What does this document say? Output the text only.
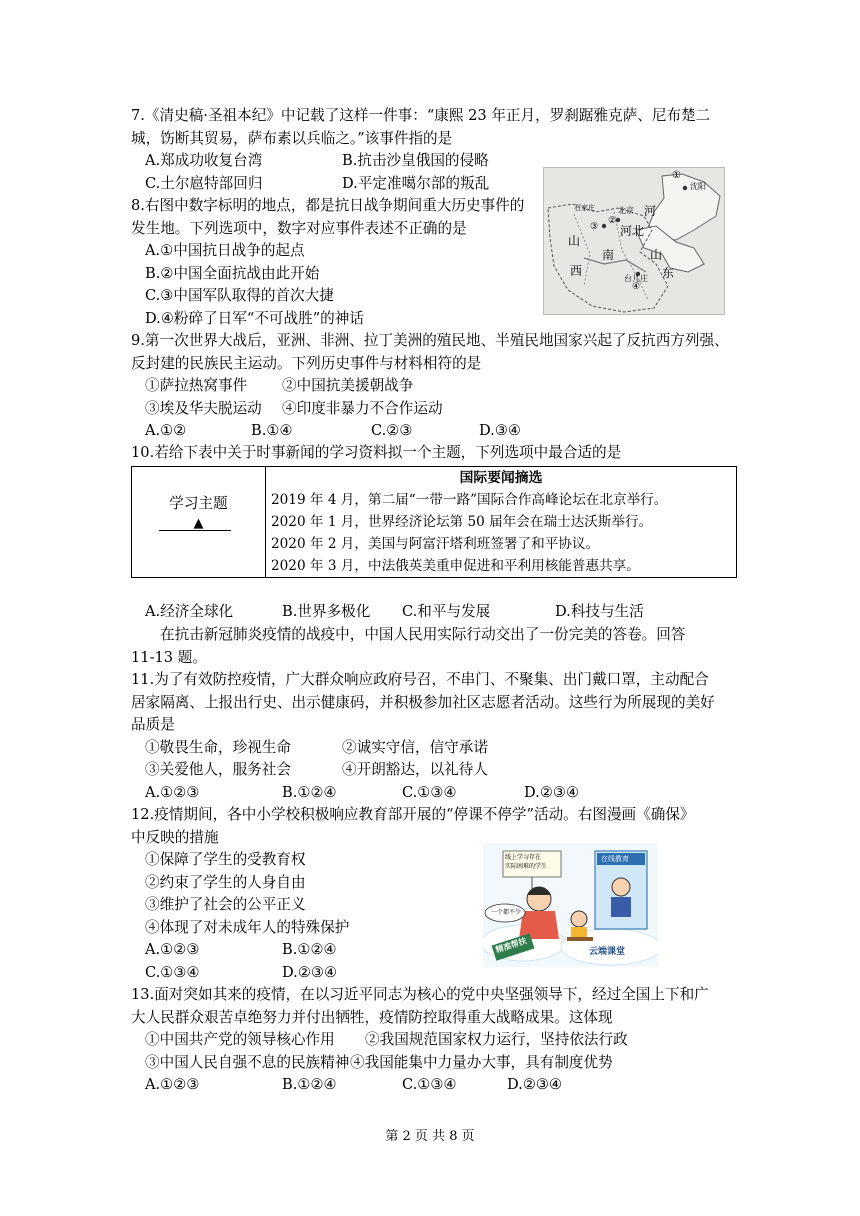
7.《清史稿·圣祖本纪》中记载了这样一件事：“康熙 23 年正月，罗刹踞雅克萨、尼布楚二
城，饬断其贸易，萨布素以兵临之。”该事件指的是
A.郑成功收复台湾	B.抗击沙皇俄国的侵略
C.土尔扈特部回归	D.平定准噶尔部的叛乱
8.右图中数字标明的地点，都是抗日战争期间重大历史事件的
发生地。下列选项中，数字对应事件表述不正确的是
A.①中国抗日战争的起点
B.②中国全面抗战由此开始
C.③中国军队取得的首次大捷
D.④粉碎了日军“不可战胜”的神话
①
沈阳
北京
②
③ 河北
山
西
河
山
东
南
台儿庄
④
石家庄
9.第一次世界大战后，亚洲、非洲、拉丁美洲的殖民地、半殖民地国家兴起了反抗西方列强、
反封建的民族民主运动。下列历史事件与材料相符的是
①萨拉热窝事件 ②中国抗美援朝战争
③埃及华夫脱运动 ④印度非暴力不合作运动
A.①②	B.①④	C.②③	D.③④
10.若给下表中关于时事新闻的学习资料拟一个主题，下列选项中最合适的是
学习主题
▲
国际要闻摘选
2019 年 4 月，第二届“一带一路”国际合作高峰论坛在北京举行。
2020 年 1 月，世界经济论坛第 50 届年会在瑞士达沃斯举行。
2020 年 2 月，美国与阿富汗塔利班签署了和平协议。
2020 年 3 月，中法俄英美重申促进和平利用核能普惠共享。
A.经济全球化	B.世界多极化 C.和平与发展	D.科技与生活
在抗击新冠肺炎疫情的战疫中，中国人民用实际行动交出了一份完美的答卷。回答
11-13 题。
11.为了有效防控疫情，广大群众响应政府号召，不串门、不聚集、出门戴口罩，主动配合
居家隔离、上报出行史、出示健康码，并积极参加社区志愿者活动。这些行为所展现的美好
品质是
①敬畏生命，珍视生命	②诚实守信，信守承诺
③关爱他人，服务社会	④开朗豁达，以礼待人
A.①②③	B.①②④	C.①③④	D.②③④
12.疫情期间，各中小学校积极响应教育部开展的“停课不停学”活动。右图漫画《确保》
中反映的措施
①保障了学生的受教育权
②约束了学生的人身自由
③维护了社会的公平正义
④体现了对未成年人的特殊保护
A.①②③	B.①②④
C.①③④	D.②③④
线上学习存在
实际困难的学生
在线教育
一个都不少
精准帮扶	云端课堂
13.面对突如其来的疫情，在以习近平同志为核心的党中央坚强领导下，经过全国上下和广
大人民群众艰苦卓绝努力并付出牺牲，疫情防控取得重大战略成果。这体现
①中国共产党的领导核心作用 ②我国规范国家权力运行，坚持依法行政
③中国人民自强不息的民族精神 ④我国能集中力量办大事，具有制度优势
A.①②③	B.①②④	C.①③④	D.②③④
第 2 页 共 8 页
